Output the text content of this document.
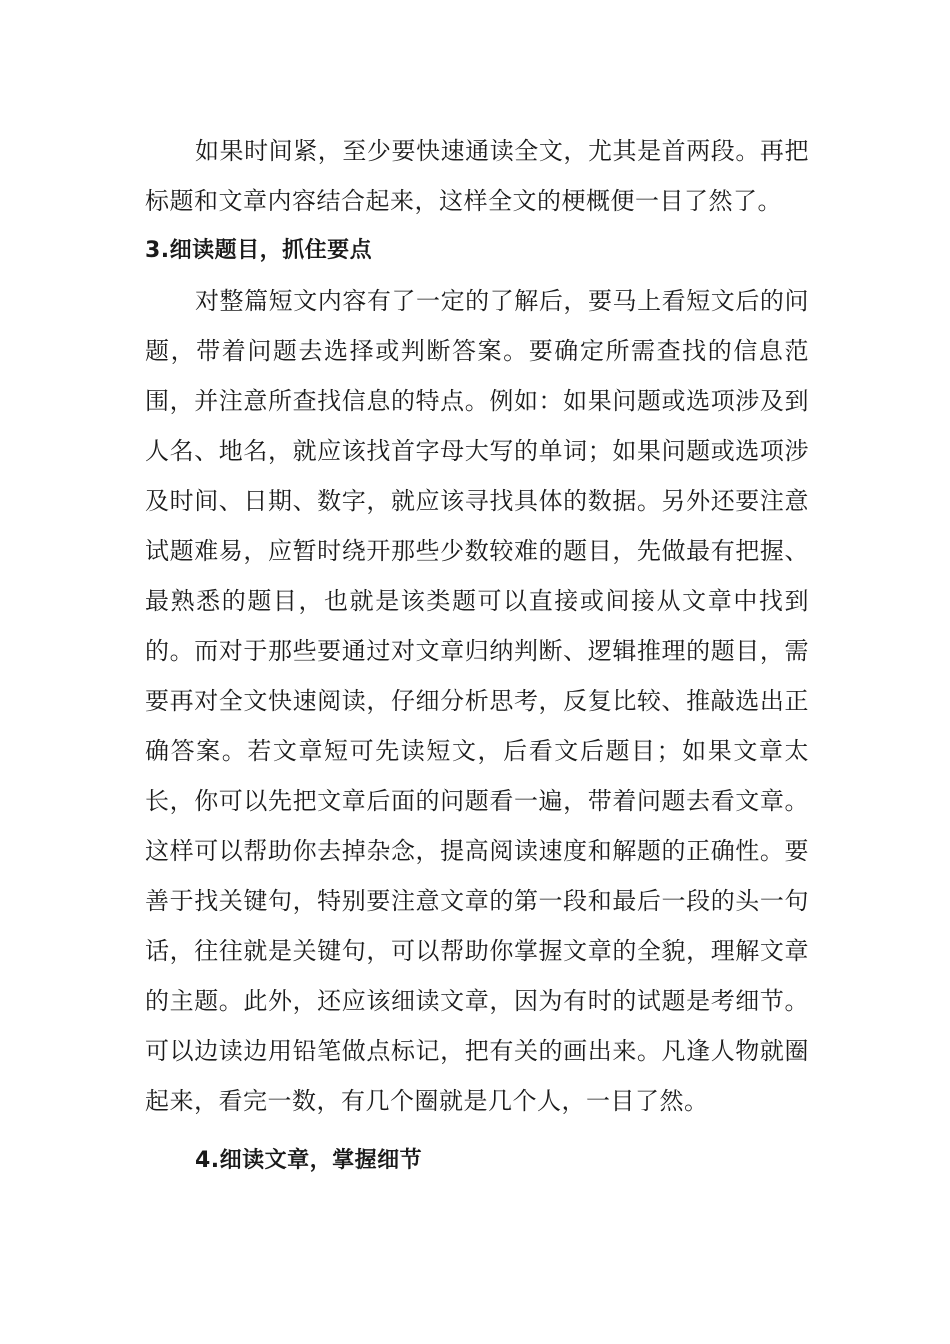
如果时间紧，至少要快速通读全文，尤其是首两段。再把标题和文章内容结合起来，这样全文的梗概便一目了然了。

3.细读题目，抓住要点

对整篇短文内容有了一定的了解后，要马上看短文后的问题，带着问题去选择或判断答案。要确定所需查找的信息范围，并注意所查找信息的特点。例如：如果问题或选项涉及到人名、地名，就应该找首字母大写的单词；如果问题或选项涉及时间、日期、数字，就应该寻找具体的数据。另外还要注意试题难易，应暂时绕开那些少数较难的题目，先做最有把握、最熟悉的题目，也就是该类题可以直接或间接从文章中找到的。而对于那些要通过对文章归纳判断、逻辑推理的题目，需要再对全文快速阅读，仔细分析思考，反复比较、推敲选出正确答案。若文章短可先读短文，后看文后题目；如果文章太长，你可以先把文章后面的问题看一遍，带着问题去看文章。这样可以帮助你去掉杂念，提高阅读速度和解题的正确性。要善于找关键句，特别要注意文章的第一段和最后一段的头一句话，往往就是关键句，可以帮助你掌握文章的全貌，理解文章的主题。此外，还应该细读文章，因为有时的试题是考细节。可以边读边用铅笔做点标记，把有关的画出来。凡逢人物就圈起来，看完一数，有几个圈就是几个人，一目了然。

4.细读文章，掌握细节
